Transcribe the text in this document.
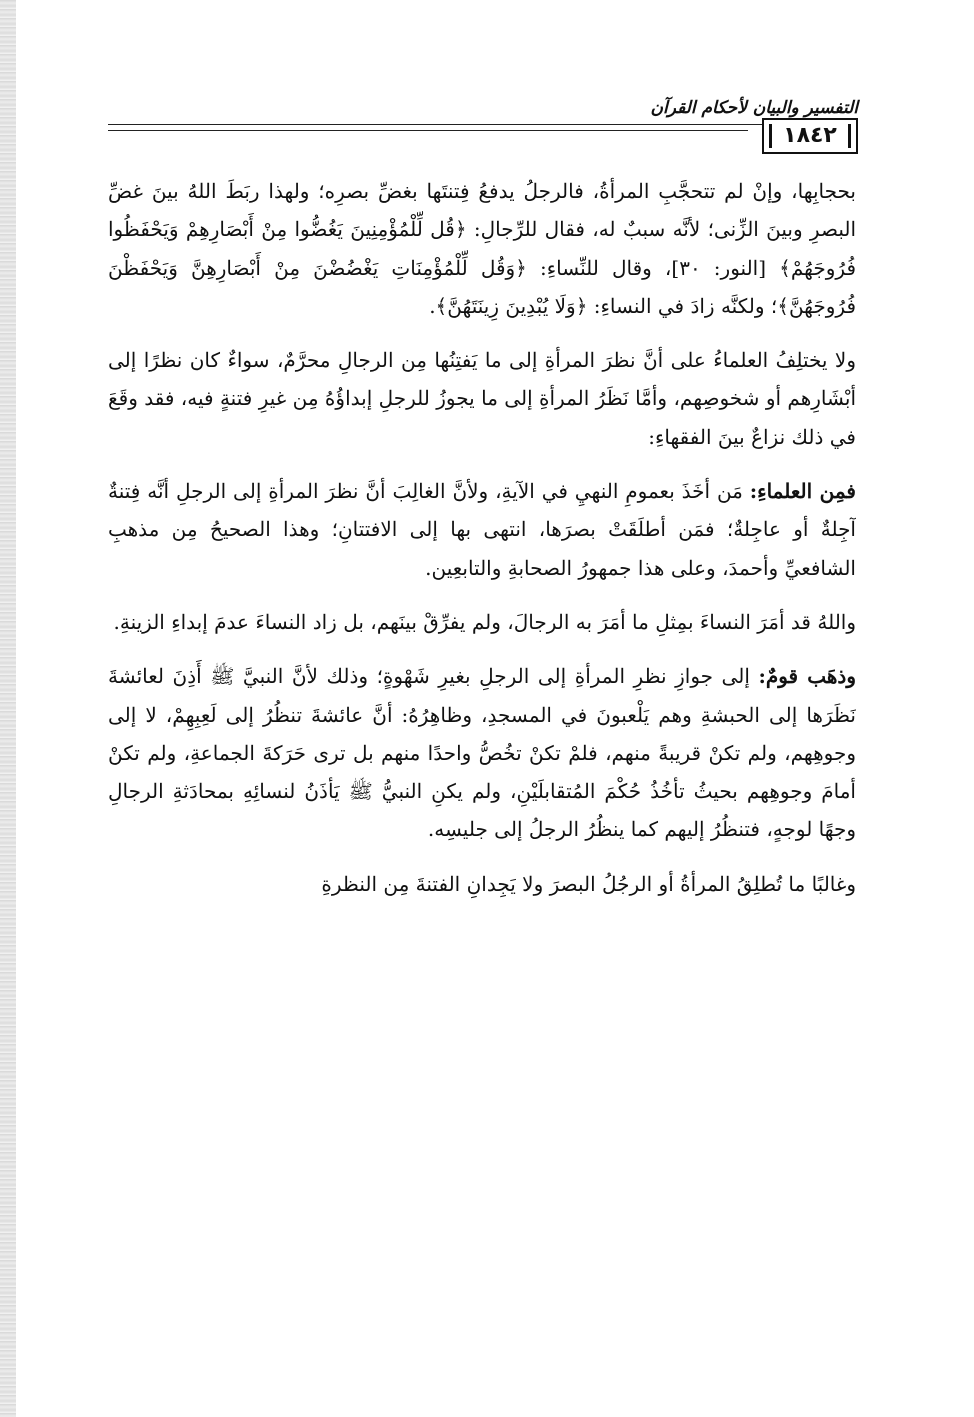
التفسير والبيان لأحكام القرآن
١٨٤٢

بحجابِها، وإنْ لم تتحجَّبِ المرأةُ، فالرجلُ يدفعُ فِتنتَها بغضِّ بصرِه؛ ولهذا ربَطَ اللهُ بينَ غضِّ البصرِ وبينَ الزِّنى؛ لأنَّه سببٌ له، فقال للرِّجالِ: ﴿قُل لِّلْمُؤْمِنِينَ يَغُضُّوا مِنْ أَبْصَارِهِمْ وَيَحْفَظُوا فُرُوجَهُمْ﴾ [النور: ٣٠]، وقال للنِّساءِ: ﴿وَقُل لِّلْمُؤْمِنَاتِ يَغْضُضْنَ مِنْ أَبْصَارِهِنَّ وَيَحْفَظْنَ فُرُوجَهُنَّ﴾؛ ولكنَّه زادَ في النساءِ: ﴿وَلَا يُبْدِينَ زِينَتَهُنَّ﴾.

ولا يختلِفُ العلماءُ على أنَّ نظرَ المرأةِ إلى ما يَفتِنُها مِن الرجالِ محرَّمٌ، سواءٌ كان نظرًا إلى أبْشَارِهم أو شخوصِهم، وأمَّا نَظَرُ المرأةِ إلى ما يجوزُ للرجلِ إبداؤُهُ مِن غيرِ فتنةٍ فيه، فقد وقَعَ في ذلك نزاعٌ بينَ الفقهاءِ:

فمِن العلماءِ: مَن أخَذَ بعمومِ النهيِ في الآيةِ، ولأنَّ الغالِبَ أنَّ نظرَ المرأةِ إلى الرجلِ أنَّه فِتنةٌ آجِلةٌ أو عاجِلةٌ؛ فمَن أطلَقَتْ بصرَها، انتهى بها إلى الافتتانِ؛ وهذا الصحيحُ مِن مذهبِ الشافعيِّ وأحمدَ، وعلى هذا جمهورُ الصحابةِ والتابعِين.

واللهُ قد أمَرَ النساءَ بمِثلِ ما أمَرَ به الرجالَ، ولم يفرِّقْ بينَهم، بل زاد النساءَ عدمَ إبداءِ الزينةِ.

وذهَب قومٌ: إلى جوازِ نظرِ المرأةِ إلى الرجلِ بغيرِ شَهْوةٍ؛ وذلك لأنَّ النبيَّ ﷺ أَذِنَ لعائشةَ نَظَرَها إلى الحبشةِ وهم يَلْعبونَ في المسجدِ، وظاهِرُهُ: أنَّ عائشةَ تنظُرُ إلى لَعِبِهِمْ، لا إلى وجوهِهم، ولم تكنْ قريبةً منهم، فلمْ تكنْ تخُصُّ واحدًا منهم بل ترى حَرَكةَ الجماعةِ، ولم تكنْ أمامَ وجوهِهم بحيثُ تأخُذُ حُكْمَ المُتقابلَيْنِ، ولم يكنِ النبيُّ ﷺ يَأذَنُ لنسائِهِ بمحادَثةِ الرجالِ وجهًا لوجهٍ، فتنظُرُ إليهم كما ينظُرُ الرجلُ إلى جليسِه.

وغالبًا ما تُطلِقُ المرأةُ أو الرجُلُ البصرَ ولا يَجِدانِ الفتنةَ مِن النظرةِ
